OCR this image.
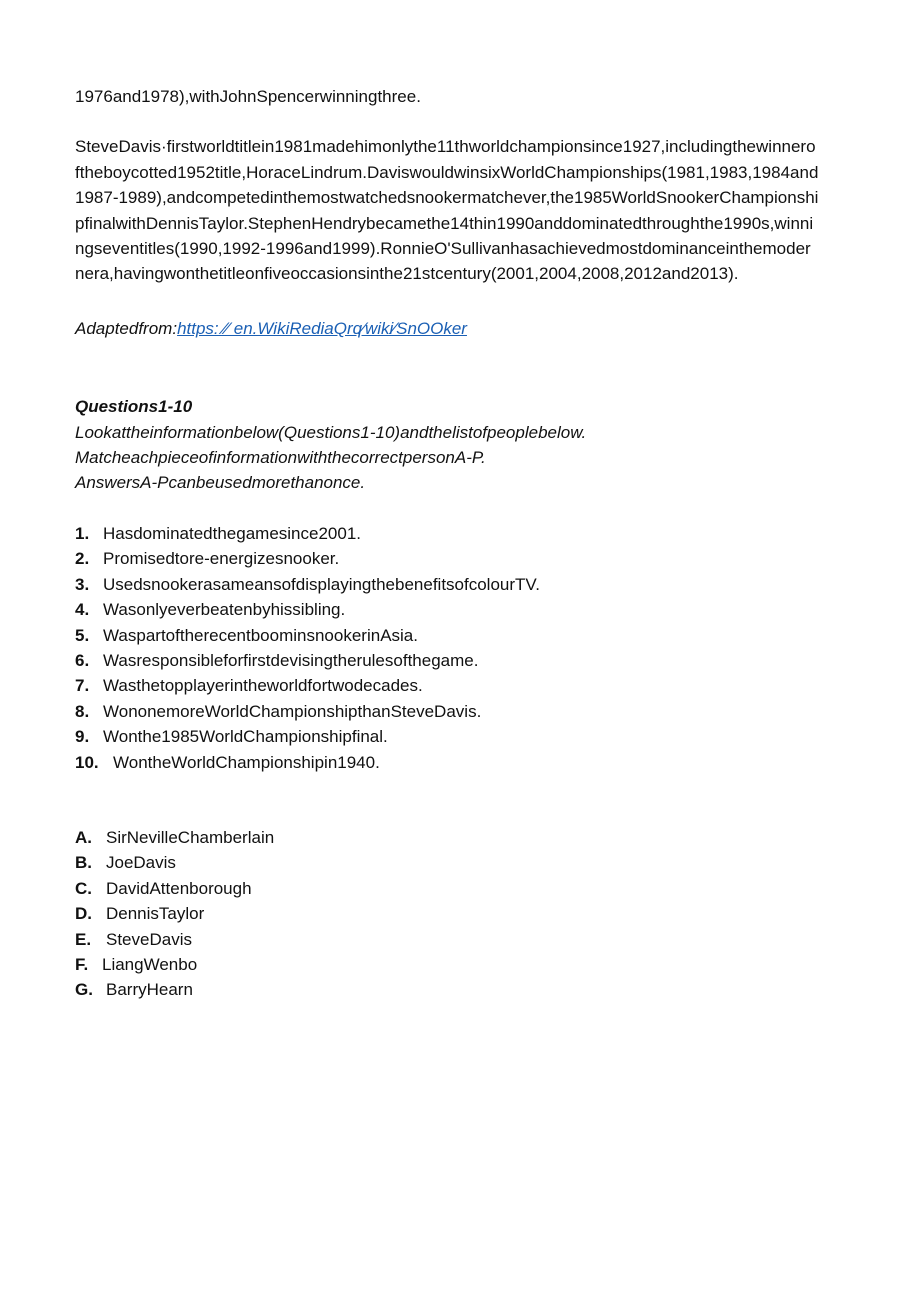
1976and1978),withJohnSpencerwinningthree.

SteveDavis·firstworldtitlein1981madehimonlythe11thworldchampionsince1927,includingthewinneroftheboycotted1952title,HoraceLindrum.DaviswouldwinsixWorldChampionships(1981,1983,1984and1987-1989),andcompetedinthemostwatchedsnookermatchever,the1985WorldSnookerChampionshipfinalwithDennisTaylor.StephenHendrybecamethe14thin1990anddominatedthroughthe1990s,winningseventitles(1990,1992-1996and1999).RonnieO'Sullivanhasachievedmostdominanceinthemodernera,havingwonthetitleonfiveoccasionsinthe21stcentury(2001,2004,2008,2012and2013).

Adaptedfrom:https: ⁄⁄ en.WikiRediaQrq⁄wiki⁄SnOOker

Questions1-10

Lookattheinformationbelow(Questions1-10)andthelistofpeoplebelow.

MatcheachpieceofinformationwiththecorrectpersonA-P.

AnswersA-Pcanbeusedmorethanonce.

1. Hasdominatedthegamesince2001.
2. Promisedtore-energizesnooker.
3. UsedsnookerasameansofdisplayingthebenefitsofcolourTV.
4. Wasonlyeverbeatenbyhissibling.
5. WaspartoftherecentboominsnookerinAsia.
6. Wasresponsibleforfirstdevisingtherulesofthegame.
7. Wasthetopplayerintheworldfortwodecades.
8. WononemoreWorldChampionshipthanSteveDavis.
9. Wonthe1985WorldChampionshipfinal.
10. WontheWorldChampionshipin1940.
A. SirNevilleChamberlain
B. JoeDavis
C. DavidAttenborough
D. DennisTaylor
E. SteveDavis
F. LiangWenbo
G. BarryHearn
